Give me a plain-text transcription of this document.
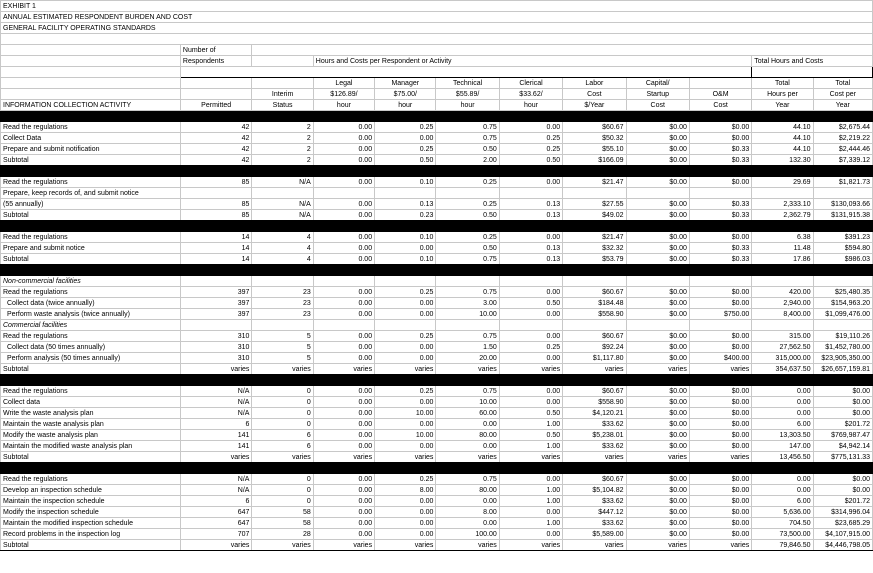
EXHIBIT 1											
ANNUAL ESTIMATED RESPONDENT BURDEN AND COST											
GENERAL FACILITY OPERATING STANDARDS											

	Number of										
	Respondents		Hours and Costs per Respondent or Activity							Total Hours and Costs	

			Legal	Manager	Technical	Clerical	Labor	Capital/		Total	Total
		Interim	$126.89/	$75.00/	$55.89/	$33.62/	Cost	Startup	O&M	Hours per	Cost per
INFORMATION COLLECTION ACTIVITY	Permitted	Status	hour	hour	hour	hour	$/Year	Cost	Cost	Year	Year

Read the regulations	42	2	0.00	0.25	0.75	0.00	$60.67	$0.00	$0.00	44.10	$2,675.44
Collect Data	42	2	0.00	0.00	0.75	0.25	$50.32	$0.00	$0.00	44.10	$2,219.22
Prepare and submit notification	42	2	0.00	0.25	0.50	0.25	$55.10	$0.00	$0.33	44.10	$2,444.46
Subtotal	42	2	0.00	0.50	2.00	0.50	$166.09	$0.00	$0.33	132.30	$7,339.12

Read the regulations	85	N/A	0.00	0.10	0.25	0.00	$21.47	$0.00	$0.00	29.69	$1,821.73
Prepare, keep records of, and submit notice											
(55 annually)	85	N/A	0.00	0.13	0.25	0.13	$27.55	$0.00	$0.33	2,333.10	$130,093.66
Subtotal	85	N/A	0.00	0.23	0.50	0.13	$49.02	$0.00	$0.33	2,362.79	$131,915.38

Read the regulations	14	4	0.00	0.10	0.25	0.00	$21.47	$0.00	$0.00	6.38	$391.23
Prepare and submit notice	14	4	0.00	0.00	0.50	0.13	$32.32	$0.00	$0.33	11.48	$594.80
Subtotal	14	4	0.00	0.10	0.75	0.13	$53.79	$0.00	$0.33	17.86	$986.03

Non-commercial facilities											
Read the regulations	397	23	0.00	0.25	0.75	0.00	$60.67	$0.00	$0.00	420.00	$25,480.35
Collect data (twice annually)	397	23	0.00	0.00	3.00	0.50	$184.48	$0.00	$0.00	2,940.00	$154,963.20
Perform waste analysis (twice annually)	397	23	0.00	0.00	10.00	0.00	$558.90	$0.00	$750.00	8,400.00	$1,099,476.00
Commercial facilities											
Read the regulations	310	5	0.00	0.25	0.75	0.00	$60.67	$0.00	$0.00	315.00	$19,110.26
Collect data (50 times annually)	310	5	0.00	0.00	1.50	0.25	$92.24	$0.00	$0.00	27,562.50	$1,452,780.00
Perform analysis (50 times annually)	310	5	0.00	0.00	20.00	0.00	$1,117.80	$0.00	$400.00	315,000.00	$23,905,350.00
Subtotal	varies	varies	varies	varies	varies	varies	varies	varies	varies	354,637.50	$26,657,159.81

Read the regulations	N/A	0	0.00	0.25	0.75	0.00	$60.67	$0.00	$0.00	0.00	$0.00
Collect data	N/A	0	0.00	0.00	10.00	0.00	$558.90	$0.00	$0.00	0.00	$0.00
Write the waste analysis plan	N/A	0	0.00	10.00	60.00	0.50	$4,120.21	$0.00	$0.00	0.00	$0.00
Maintain the waste analysis plan	6	0	0.00	0.00	0.00	1.00	$33.62	$0.00	$0.00	6.00	$201.72
Modify the waste analysis plan	141	6	0.00	10.00	80.00	0.50	$5,238.01	$0.00	$0.00	13,303.50	$769,987.47
Maintain the modified waste analysis plan	141	6	0.00	0.00	0.00	1.00	$33.62	$0.00	$0.00	147.00	$4,942.14
Subtotal	varies	varies	varies	varies	varies	varies	varies	varies	varies	13,456.50	$775,131.33

Read the regulations	N/A	0	0.00	0.25	0.75	0.00	$60.67	$0.00	$0.00	0.00	$0.00
Develop an inspection schedule	N/A	0	0.00	8.00	80.00	1.00	$5,104.82	$0.00	$0.00	0.00	$0.00
Maintain the inspection schedule	6	0	0.00	0.00	0.00	1.00	$33.62	$0.00	$0.00	6.00	$201.72
Modify the inspection schedule	647	58	0.00	0.00	8.00	0.00	$447.12	$0.00	$0.00	5,636.00	$314,996.04
Maintain the modified inspection schedule	647	58	0.00	0.00	0.00	1.00	$33.62	$0.00	$0.00	704.50	$23,685.29
Record problems in the inspection log	707	28	0.00	0.00	100.00	0.00	$5,589.00	$0.00	$0.00	73,500.00	$4,107,915.00
Subtotal	varies	varies	varies	varies	varies	varies	varies	varies	varies	79,846.50	$4,446,798.05
